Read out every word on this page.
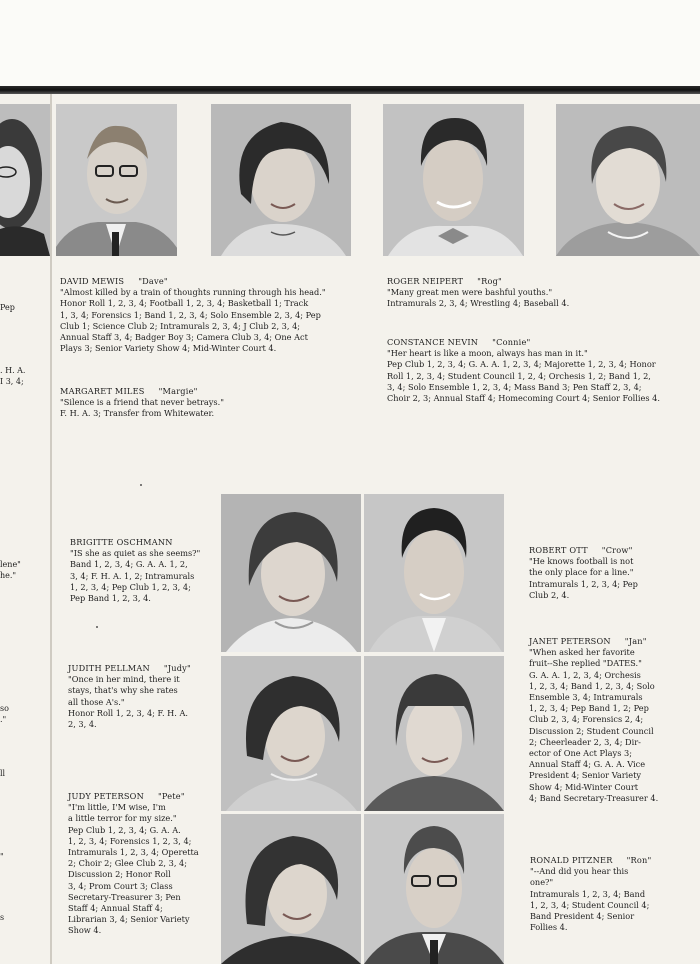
Pep
. H. A.
I 3, 4;
lene"
he."
so
."
ll
"
s
DAVID MEWIS "Dave"
"Almost killed by a train of thoughts running through his head."
Honor Roll 1, 2, 3, 4; Football 1, 2, 3, 4; Basketball 1; Track
1, 3, 4; Forensics 1; Band 1, 2, 3, 4; Solo Ensemble 2, 3, 4; Pep
Club 1; Science Club 2; Intramurals 2, 3, 4; J Club 2, 3, 4;
Annual Staff 3, 4; Badger Boy 3; Camera Club 3, 4; One Act
Plays 3; Senior Variety Show 4; Mid-Winter Court 4.
MARGARET MILES "Margie"
"Silence is a friend that never betrays."
F. H. A. 3; Transfer from Whitewater.
ROGER NEIPERT "Rog"
"Many great men were bashful youths."
Intramurals 2, 3, 4; Wrestling 4; Baseball 4.
CONSTANCE NEVIN "Connie"
"Her heart is like a moon, always has man in it."
Pep Club 1, 2, 3, 4; G. A. A. 1, 2, 3, 4; Majorette 1, 2, 3, 4; Honor
Roll 1, 2, 3, 4; Student Council 1, 2, 4; Orchesis 1, 2; Band 1, 2,
3, 4; Solo Ensemble 1, 2, 3, 4; Mass Band 3; Pen Staff 2, 3, 4;
Choir 2, 3; Annual Staff 4; Homecoming Court 4; Senior Follies 4.
BRIGITTE OSCHMANN
"IS she as quiet as she seems?"
Band 1, 2, 3, 4; G. A. A. 1, 2,
3, 4; F. H. A. 1, 2; Intramurals
1, 2, 3, 4; Pep Club 1, 2, 3, 4;
Pep Band 1, 2, 3, 4.
JUDITH PELLMAN "Judy"
"Once in her mind, there it
stays, that's why she rates
all those A's."
Honor Roll 1, 2, 3, 4; F. H. A.
2, 3, 4.
JUDY PETERSON "Pete"
"I'm little, I'M wise, I'm
a little terror for my size."
Pep Club 1, 2, 3, 4; G. A. A.
1, 2, 3, 4; Forensics 1, 2, 3, 4;
Intramurals 1, 2, 3, 4; Operetta
2; Choir 2; Glee Club 2, 3, 4;
Discussion 2; Honor Roll
3, 4; Prom Court 3; Class
Secretary-Treasurer 3; Pen
Staff 4; Annual Staff 4;
Librarian 3, 4; Senior Variety
Show 4.
ROBERT OTT "Crow"
"He knows football is not
the only place for a line."
Intramurals 1, 2, 3, 4; Pep
Club 2, 4.
JANET PETERSON "Jan"
"When asked her favorite
fruit--She replied "DATES."
G. A. A. 1, 2, 3, 4; Orchesis
1, 2, 3, 4; Band 1, 2, 3, 4; Solo
Ensemble 3, 4; Intramurals
1, 2, 3, 4; Pep Band 1, 2; Pep
Club 2, 3, 4; Forensics 2, 4;
Discussion 2; Student Council
2; Cheerleader 2, 3, 4; Dir-
ector of One Act Plays 3;
Annual Staff 4; G. A. A. Vice
President 4; Senior Variety
Show 4; Mid-Winter Court
4; Band Secretary-Treasurer 4.
RONALD PITZNER "Ron"
"--And did you hear this
one?"
Intramurals 1, 2, 3, 4; Band
1, 2, 3, 4; Student Council 4;
Band President 4; Senior
Follies 4.
